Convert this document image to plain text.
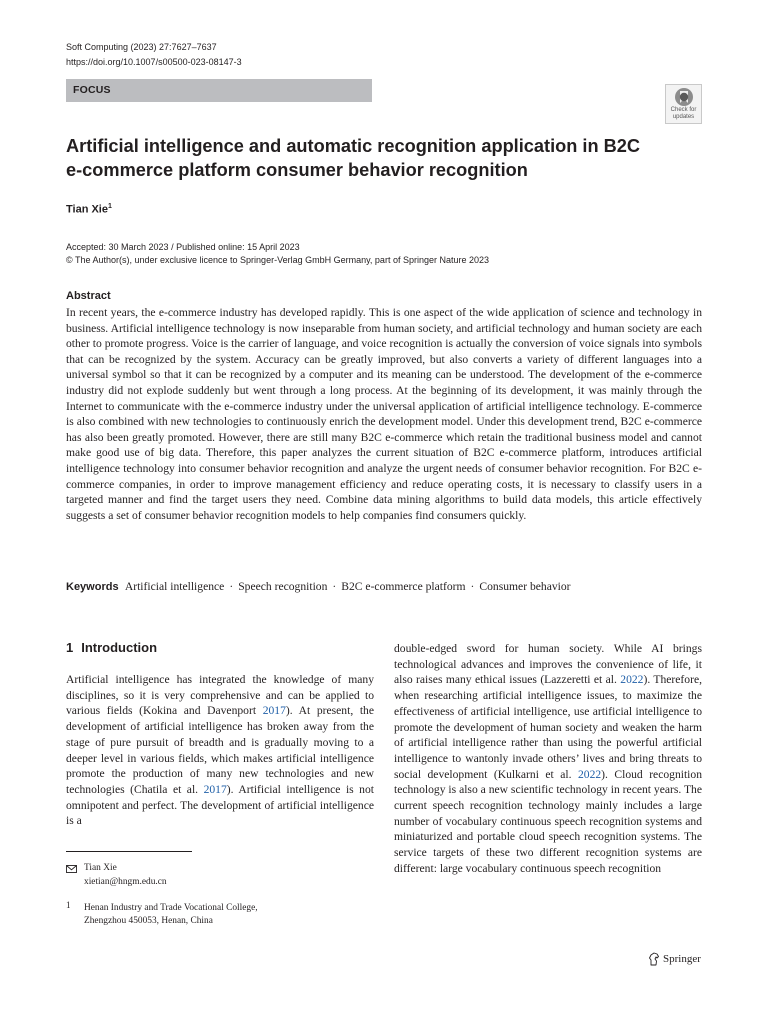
Soft Computing (2023) 27:7627–7637
https://doi.org/10.1007/s00500-023-08147-3
FOCUS
Check for
updates
Artificial intelligence and automatic recognition application in B2C e-commerce platform consumer behavior recognition
Tian Xie$^1$
Accepted: 30 March 2023 / Published online: 15 April 2023
© The Author(s), under exclusive licence to Springer-Verlag GmbH Germany, part of Springer Nature 2023
Abstract

In recent years, the e-commerce industry has developed rapidly. This is one aspect of the wide application of science and technology in business. Artificial intelligence technology is now inseparable from human society, and artificial technology and human society are each other to promote progress. Voice is the carrier of language, and voice recognition is actually the conversion of voice signals into symbols that can be recognized by the system. Accuracy can be greatly improved, but also converts a variety of different languages into a universal symbol so that it can be recognized by a computer and its meaning can be understood. The development of the e-commerce industry did not explode suddenly but went through a long process. At the beginning of its development, it was mainly through the Internet to communicate with the e-commerce industry under the universal application of artificial intelligence technology. E-commerce is also combined with new technologies to continuously enrich the development model. Under this development trend, B2C e-commerce has also been greatly promoted. However, there are still many B2C e-commerce which retain the traditional business model and cannot make good use of big data. Therefore, this paper analyzes the current situation of B2C e-commerce platform, introduces artificial intelligence technology into consumer behavior recognition and analyze the urgent needs of consumer behavior recognition. For B2C e-commerce companies, in order to improve management efficiency and reduce operating costs, it is necessary to classify users in a targeted manner and find the target users they need. Combine data mining algorithms to build data models, this article effectively suggests a set of consumer behavior recognition models to help companies find consumers quickly.

Keywords Artificial intelligence · Speech recognition · B2C e-commerce platform · Consumer behavior
1 Introduction

Artificial intelligence has integrated the knowledge of many disciplines, so it is very comprehensive and can be applied to various fields (Kokina and Davenport 2017). At present, the development of artificial intelligence has broken away from the stage of pure pursuit of breadth and is gradually moving to a deeper level in various fields, which makes artificial intelligence promote the production of many new technologies and new technologies (Chatila et al. 2017). Artificial intelligence is not omnipotent and perfect. The development of artificial intelligence is a

double-edged sword for human society. While AI brings technological advances and improves the convenience of life, it also raises many ethical issues (Lazzeretti et al. 2022). Therefore, when researching artificial intelligence issues, to maximize the effectiveness of artificial intelligence, use artificial intelligence to promote the development of human society and weaken the harm of artificial intelligence rather than using the powerful artificial intelligence to wantonly invade others’ lives and bring threats to social development (Kulkarni et al. 2022). Cloud recognition technology is also a new scientific technology in recent years. The current speech recognition technology mainly includes a large number of vocabulary continuous speech recognition systems and miniaturized and portable cloud speech recognition systems. The service targets of these two different recognition systems are different: large vocabulary continuous speech recognition

Tian Xie
xietian@hngm.edu.cn
1 Henan Industry and Trade Vocational College,
Zhengzhou 450053, Henan, China
Springer
